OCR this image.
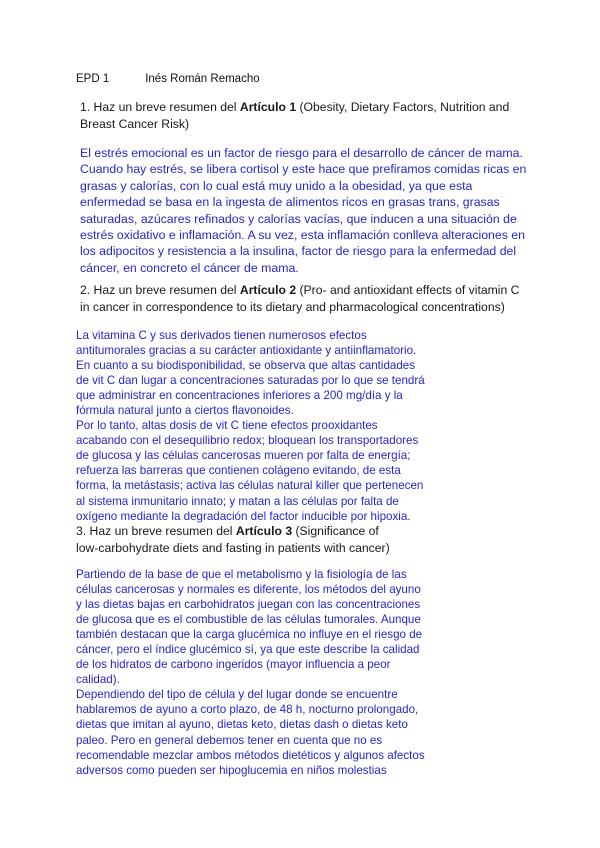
EPD 1	Inés Román Remacho
1. Haz un breve resumen del Artículo 1 (Obesity, Dietary Factors, Nutrition and
Breast Cancer Risk)
El estrés emocional es un factor de riesgo para el desarrollo de cáncer de mama.
Cuando hay estrés, se libera cortisol y este hace que prefiramos comidas ricas en
grasas y calorías, con lo cual está muy unido a la obesidad, ya que esta
enfermedad se basa en la ingesta de alimentos ricos en grasas trans, grasas
saturadas, azúcares refinados y calorías vacías, que inducen a una situación de
estrés oxidativo e inflamación. A su vez, esta inflamación conlleva alteraciones en
los adipocitos y resistencia a la insulina, factor de riesgo para la enfermedad del
cáncer, en concreto el cáncer de mama.
2. Haz un breve resumen del Artículo 2 (Pro- and antioxidant effects of vitamin C
in cancer in correspondence to its dietary and pharmacological concentrations)
La vitamina C y sus derivados tienen numerosos efectos
antitumorales gracias a su carácter antioxidante y antiinflamatorio.
En cuanto a su biodisponibilidad, se observa que altas cantidades
de vit C dan lugar a concentraciones saturadas por lo que se tendrá
que administrar en concentraciones inferiores a 200 mg/día y la
fórmula natural junto a ciertos flavonoides.
Por lo tanto, altas dosis de vit C tiene efectos prooxidantes
acabando con el desequilibrio redox; bloquean los transportadores
de glucosa y las células cancerosas mueren por falta de energía;
refuerza las barreras que contienen colágeno evitando, de esta
forma, la metástasis; activa las células natural killer que pertenecen
al sistema inmunitario innato; y matan a las células por falta de
oxígeno mediante la degradación del factor inducible por hipoxia.
3. Haz un breve resumen del Artículo 3 (Significance of
low-carbohydrate diets and fasting in patients with cancer)
Partiendo de la base de que el metabolismo y la fisiología de las
células cancerosas y normales es diferente, los métodos del ayuno
y las dietas bajas en carbohidratos juegan con las concentraciones
de glucosa que es el combustible de las células tumorales. Aunque
también destacan que la carga glucémica no influye en el riesgo de
cáncer, pero el índice glucémico sí, ya que este describe la calidad
de los hidratos de carbono ingeridos (mayor influencia a peor
calidad).
Dependiendo del tipo de célula y del lugar donde se encuentre
hablaremos de ayuno a corto plazo, de 48 h, nocturno prolongado,
dietas que imitan al ayuno, dietas keto, dietas dash o dietas keto
paleo. Pero en general debemos tener en cuenta que no es
recomendable mezclar ambos métodos dietéticos y algunos afectos
adversos como pueden ser hipoglucemia en niños molestias
